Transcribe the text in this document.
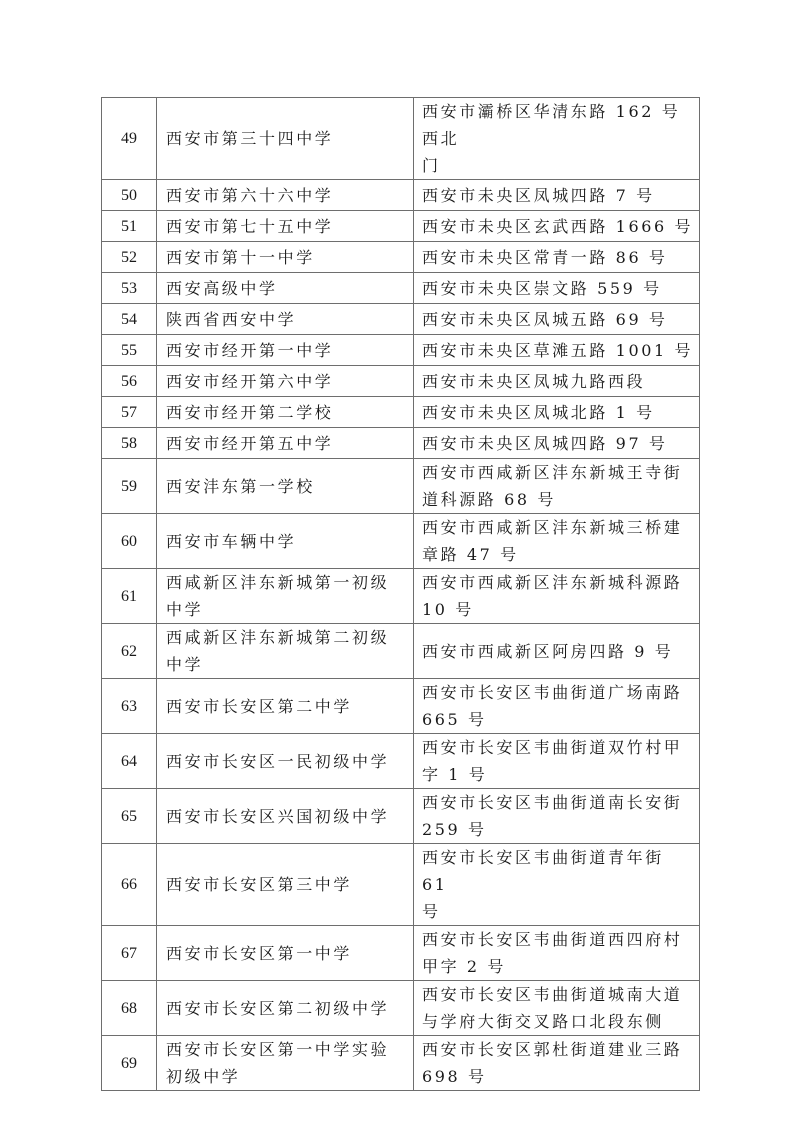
49	西安市第三十四中学	西安市灞桥区华清东路 162 号西北
门

50	西安市第六十六中学	西安市未央区凤城四路 7 号

51	西安市第七十五中学	西安市未央区玄武西路 1666 号

52	西安市第十一中学	西安市未央区常青一路 86 号

53	西安高级中学	西安市未央区崇文路 559 号

54	陕西省西安中学	西安市未央区凤城五路 69 号

55	西安市经开第一中学	西安市未央区草滩五路 1001 号

56	西安市经开第六中学	西安市未央区凤城九路西段

57	西安市经开第二学校	西安市未央区凤城北路 1 号

58	西安市经开第五中学	西安市未央区凤城四路 97 号

59	西安沣东第一学校	西安市西咸新区沣东新城王寺街
道科源路 68 号

60	西安市车辆中学	西安市西咸新区沣东新城三桥建
章路 47 号

61	西咸新区沣东新城第一初级
中学	西安市西咸新区沣东新城科源路
10 号

62	西咸新区沣东新城第二初级
中学	西安市西咸新区阿房四路 9 号

63	西安市长安区第二中学	西安市长安区韦曲街道广场南路
665 号

64	西安市长安区一民初级中学	西安市长安区韦曲街道双竹村甲
字 1 号

65	西安市长安区兴国初级中学	西安市长安区韦曲街道南长安街
259 号

66	西安市长安区第三中学	西安市长安区韦曲街道青年街 61
号

67	西安市长安区第一中学	西安市长安区韦曲街道西四府村
甲字 2 号

68	西安市长安区第二初级中学	西安市长安区韦曲街道城南大道
与学府大街交叉路口北段东侧

69	西安市长安区第一中学实验
初级中学	西安市长安区郭杜街道建业三路
698 号
